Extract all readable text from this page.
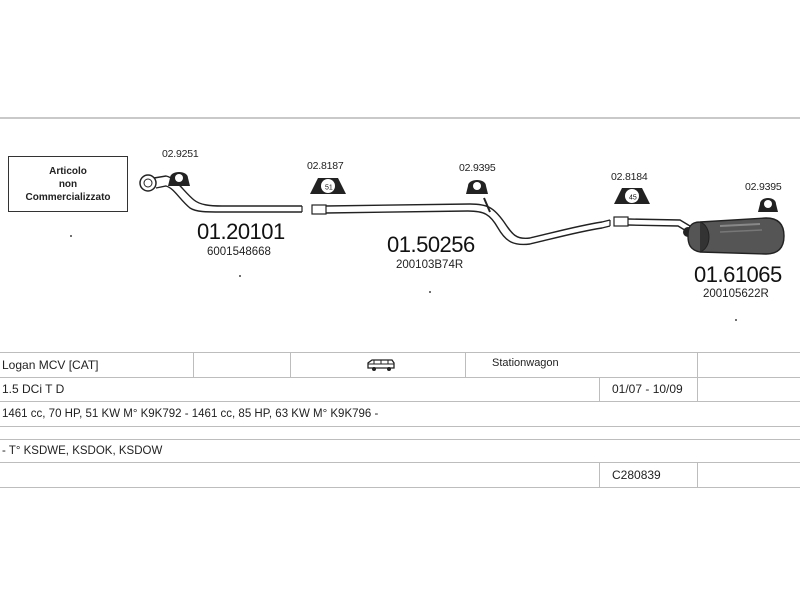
Articolo
non
Commercializzato
51
45
02.9251
02.8187	02.9395
02.8184
02.9395
01.20101
6001548668	01.50256
200103B74R	01.61065
200105622R
Logan MCV [CAT]	Stationwagon
1.5 DCi T D	01/07 - 10/09
1461 cc, 70 HP, 51 KW M° K9K792 - 1461 cc, 85 HP, 63 KW M° K9K796 -
- T° KSDWE, KSDOK, KSDOW
C280839
